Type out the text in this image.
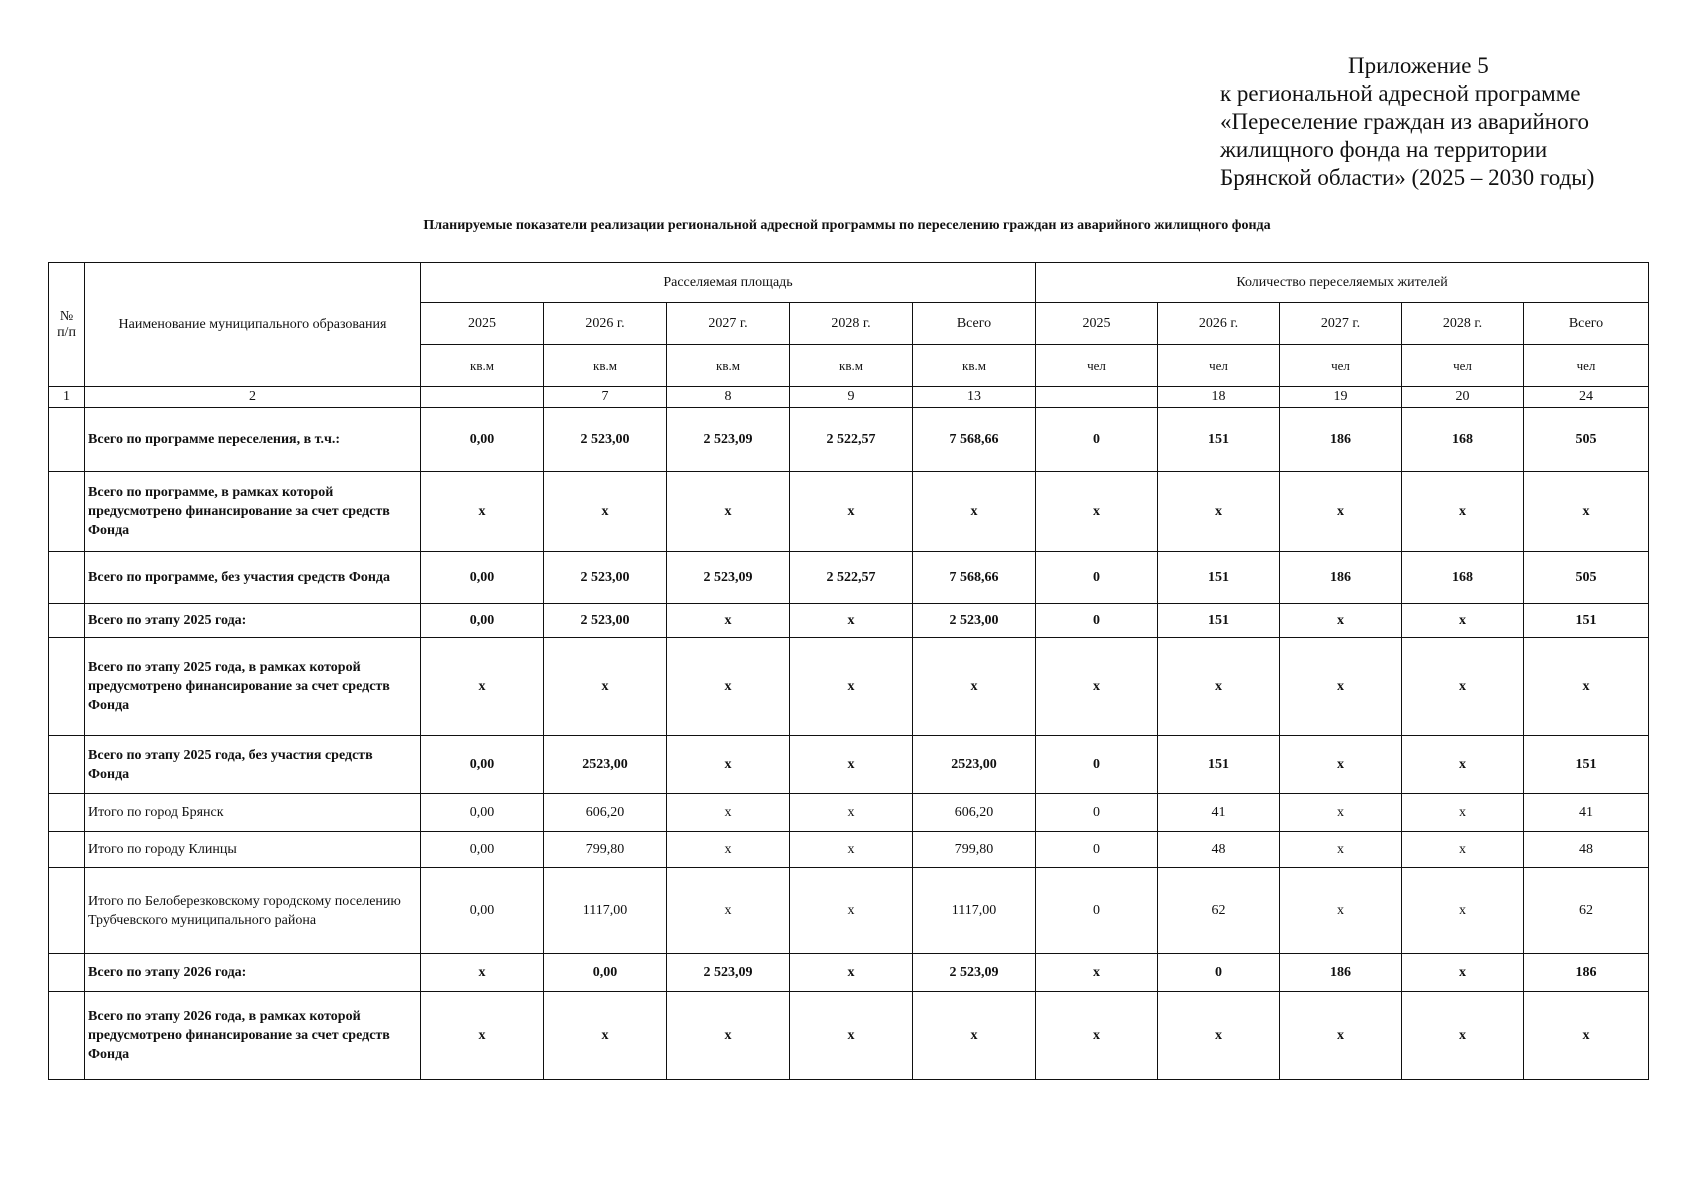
Приложение 5
к региональной адресной программе
«Переселение граждан из аварийного
жилищного фонда на территории
Брянской области» (2025 – 2030 годы)
Планируемые показатели реализации региональной адресной программы по переселению граждан из аварийного жилищного фонда
№ п/п	Наименование муниципального образования	Расселяемая площадь					Количество переселяемых жителей				
		2025	2026 г.	2027 г.	2028 г.	Всего	2025	2026 г.	2027 г.	2028 г.	Всего
		кв.м	кв.м	кв.м	кв.м	кв.м	чел	чел	чел	чел	чел
1	2		7	8	9	13		18	19	20	24
	Всего по программе переселения, в т.ч.:	0,00	2 523,00	2 523,09	2 522,57	7 568,66	0	151	186	168	505
	Всего по программе, в рамках которой предусмотрено финансирование за счет средств Фонда	х	х	х	х	х	х	х	х	х	х
	Всего по программе, без участия средств Фонда	0,00	2 523,00	2 523,09	2 522,57	7 568,66	0	151	186	168	505
	Всего по этапу 2025 года:	0,00	2 523,00	х	х	2 523,00	0	151	х	х	151
	Всего по этапу 2025 года, в рамках которой предусмотрено финансирование за счет средств Фонда	х	х	х	х	х	х	х	х	х	х
	Всего по этапу 2025 года, без участия средств Фонда	0,00	2523,00	х	х	2523,00	0	151	х	х	151
	Итого по город Брянск	0,00	606,20	х	х	606,20	0	41	х	х	41
	Итого по городу Клинцы	0,00	799,80	х	х	799,80	0	48	х	х	48
	Итого по Белоберезковскому городскому поселению Трубчевского муниципального района	0,00	1117,00	х	х	1117,00	0	62	х	х	62
	Всего по этапу 2026 года:	х	0,00	2 523,09	х	2 523,09	х	0	186	х	186
	Всего по этапу 2026 года, в рамках которой предусмотрено финансирование за счет средств Фонда	х	х	х	х	х	х	х	х	х	х
